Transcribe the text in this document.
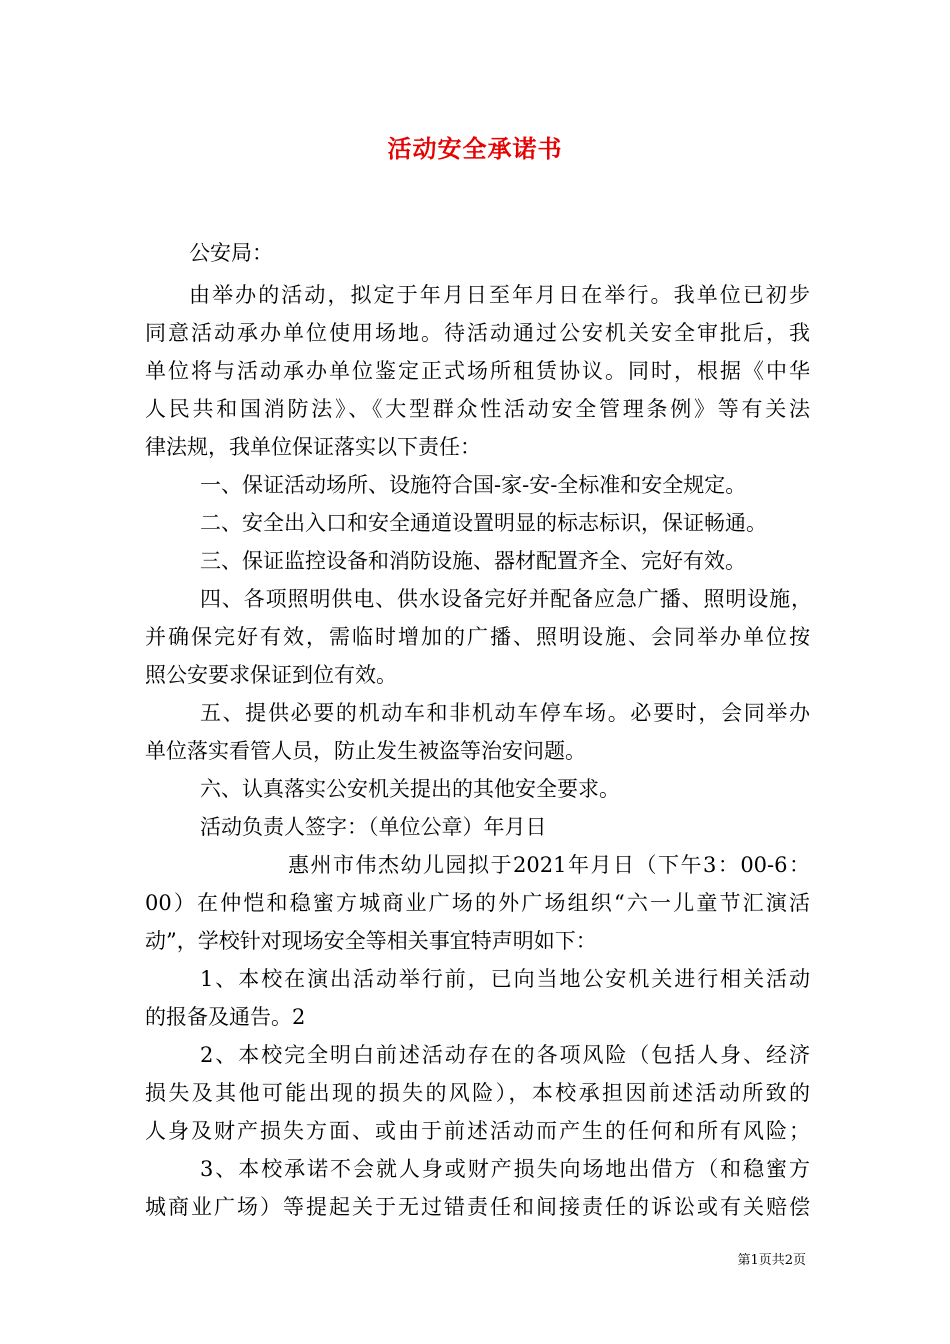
活动安全承诺书
公安局：
由举办的活动，拟定于年月日至年月日在举行。我单位已初步
同意活动承办单位使用场地。待活动通过公安机关安全审批后，我
单位将与活动承办单位鉴定正式场所租赁协议。同时，根据《中华
人民共和国消防法》、《大型群众性活动安全管理条例》等有关法
律法规，我单位保证落实以下责任：
一、保证活动场所、设施符合国-家-安-全标准和安全规定。
二、安全出入口和安全通道设置明显的标志标识，保证畅通。
三、保证监控设备和消防设施、器材配置齐全、完好有效。
四、各项照明供电、供水设备完好并配备应急广播、照明设施，
并确保完好有效，需临时增加的广播、照明设施、会同举办单位按
照公安要求保证到位有效。
五、提供必要的机动车和非机动车停车场。必要时，会同举办
单位落实看管人员，防止发生被盗等治安问题。
六、认真落实公安机关提出的其他安全要求。
活动负责人签字：（单位公章）年月日
惠州市伟杰幼儿园拟于2021年月日（下午3：00-6：
00）在仲恺和稳蜜方城商业广场的外广场组织“六一儿童节汇演活
动”，学校针对现场安全等相关事宜特声明如下：
1、本校在演出活动举行前，已向当地公安机关进行相关活动
的报备及通告。2
2、本校完全明白前述活动存在的各项风险（包括人身、经济
损失及其他可能出现的损失的风险），本校承担因前述活动所致的
人身及财产损失方面、或由于前述活动而产生的任何和所有风险；
3、本校承诺不会就人身或财产损失向场地出借方（和稳蜜方
城商业广场）等提起关于无过错责任和间接责任的诉讼或有关赔偿
第1页共2页
